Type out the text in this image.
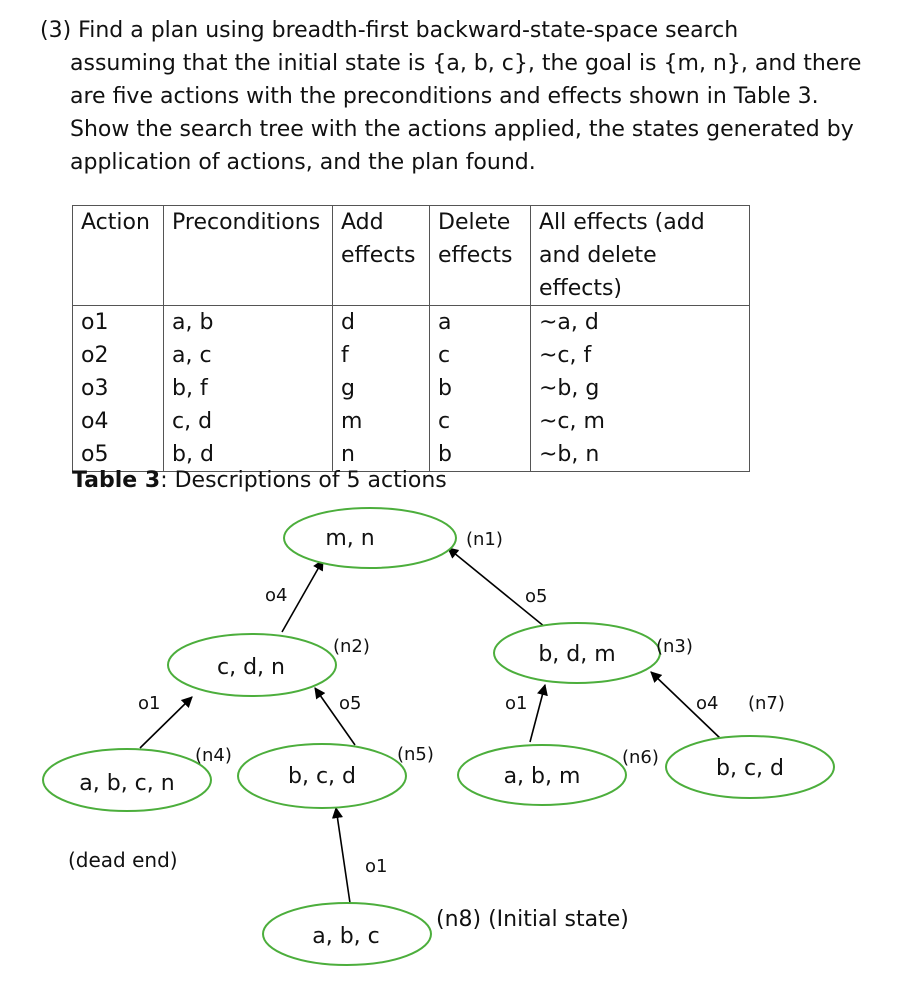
(3) Find a plan using breadth-first backward-state-space search
assuming that the initial state is {a, b, c}, the goal is {m, n}, and there are five actions with the preconditions and effects shown in Table 3. Show the search tree with the actions applied, the states generated by application of actions, and the plan found.

Action	Preconditions	Add effects	Delete effects	All effects (add and delete effects)
o1	a, b	d	a	~a, d
o2	a, c	f	c	~c, f
o3	b, f	g	b	~b, g
o4	c, d	m	c	~c, m
o5	b, d	n	b	~b, n

Table 3: Descriptions of 5 actions

m, n
c, d, n
b, d, m
a, b, c, n	b, c, d	a, b, m	b, c, d
a, b, c
(n1)
(n2)	(n3)
(n4)	(n5)	(n6)
(n7)
(n8) (Initial state)
o4	o5
o1	o5	o1	o4
o1
(dead end)
